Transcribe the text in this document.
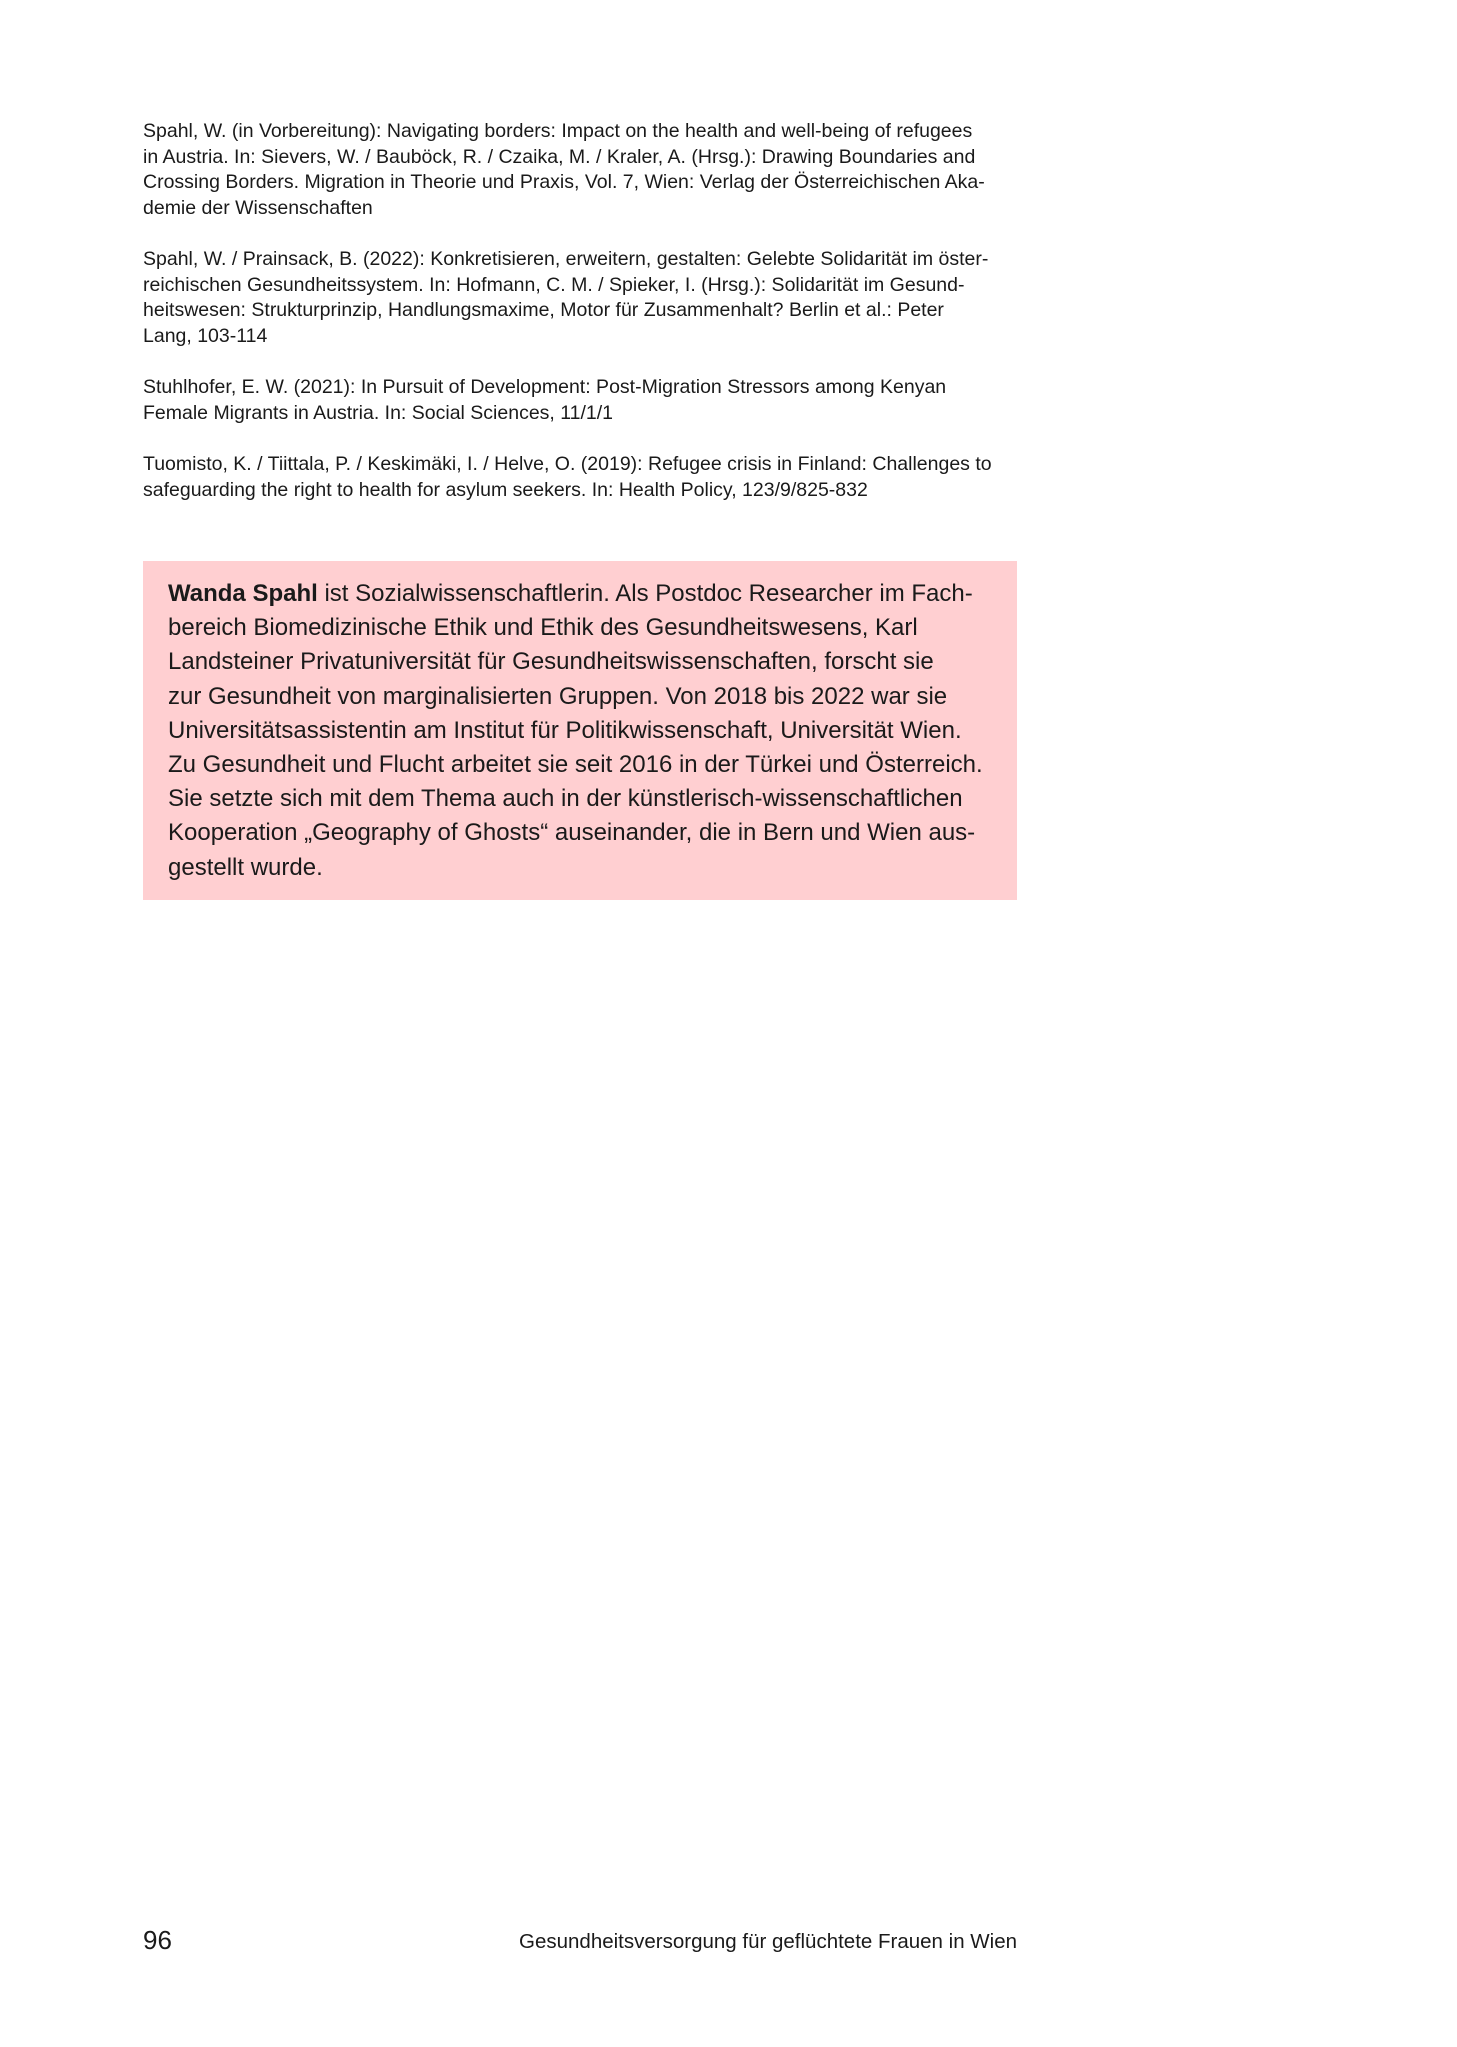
Spahl, W. (in Vorbereitung): Navigating borders: Impact on the health and well-being of refugees
in Austria. In: Sievers, W. / Bauböck, R. / Czaika, M. / Kraler, A. (Hrsg.): Drawing Boundaries and
Crossing Borders. Migration in Theorie und Praxis, Vol. 7, Wien: Verlag der Österreichischen Aka-
demie der Wissenschaften
Spahl, W. / Prainsack, B. (2022): Konkretisieren, erweitern, gestalten: Gelebte Solidarität im öster-
reichischen Gesundheitssystem. In: Hofmann, C. M. / Spieker, I. (Hrsg.): Solidarität im Gesund-
heitswesen: Strukturprinzip, Handlungsmaxime, Motor für Zusammenhalt? Berlin et al.: Peter
Lang, 103-114
Stuhlhofer, E. W. (2021): In Pursuit of Development: Post-Migration Stressors among Kenyan
Female Migrants in Austria. In: Social Sciences, 11/1/1
Tuomisto, K. / Tiittala, P. / Keskimäki, I. / Helve, O. (2019): Refugee crisis in Finland: Challenges to
safeguarding the right to health for asylum seekers. In: Health Policy, 123/9/825-832
Wanda Spahl ist Sozialwissenschaftlerin. Als Postdoc Researcher im Fach-
bereich Biomedizinische Ethik und Ethik des Gesundheitswesens, Karl
Landsteiner Privatuniversität für Gesundheitswissenschaften, forscht sie
zur Gesundheit von marginalisierten Gruppen. Von 2018 bis 2022 war sie
Universitätsassistentin am Institut für Politikwissenschaft, Universität Wien.
Zu Gesundheit und Flucht arbeitet sie seit 2016 in der Türkei und Österreich.
Sie setzte sich mit dem Thema auch in der künstlerisch-wissenschaftlichen
Kooperation „Geography of Ghosts“ auseinander, die in Bern und Wien aus-
gestellt wurde.
96	Gesundheitsversorgung für geflüchtete Frauen in Wien
